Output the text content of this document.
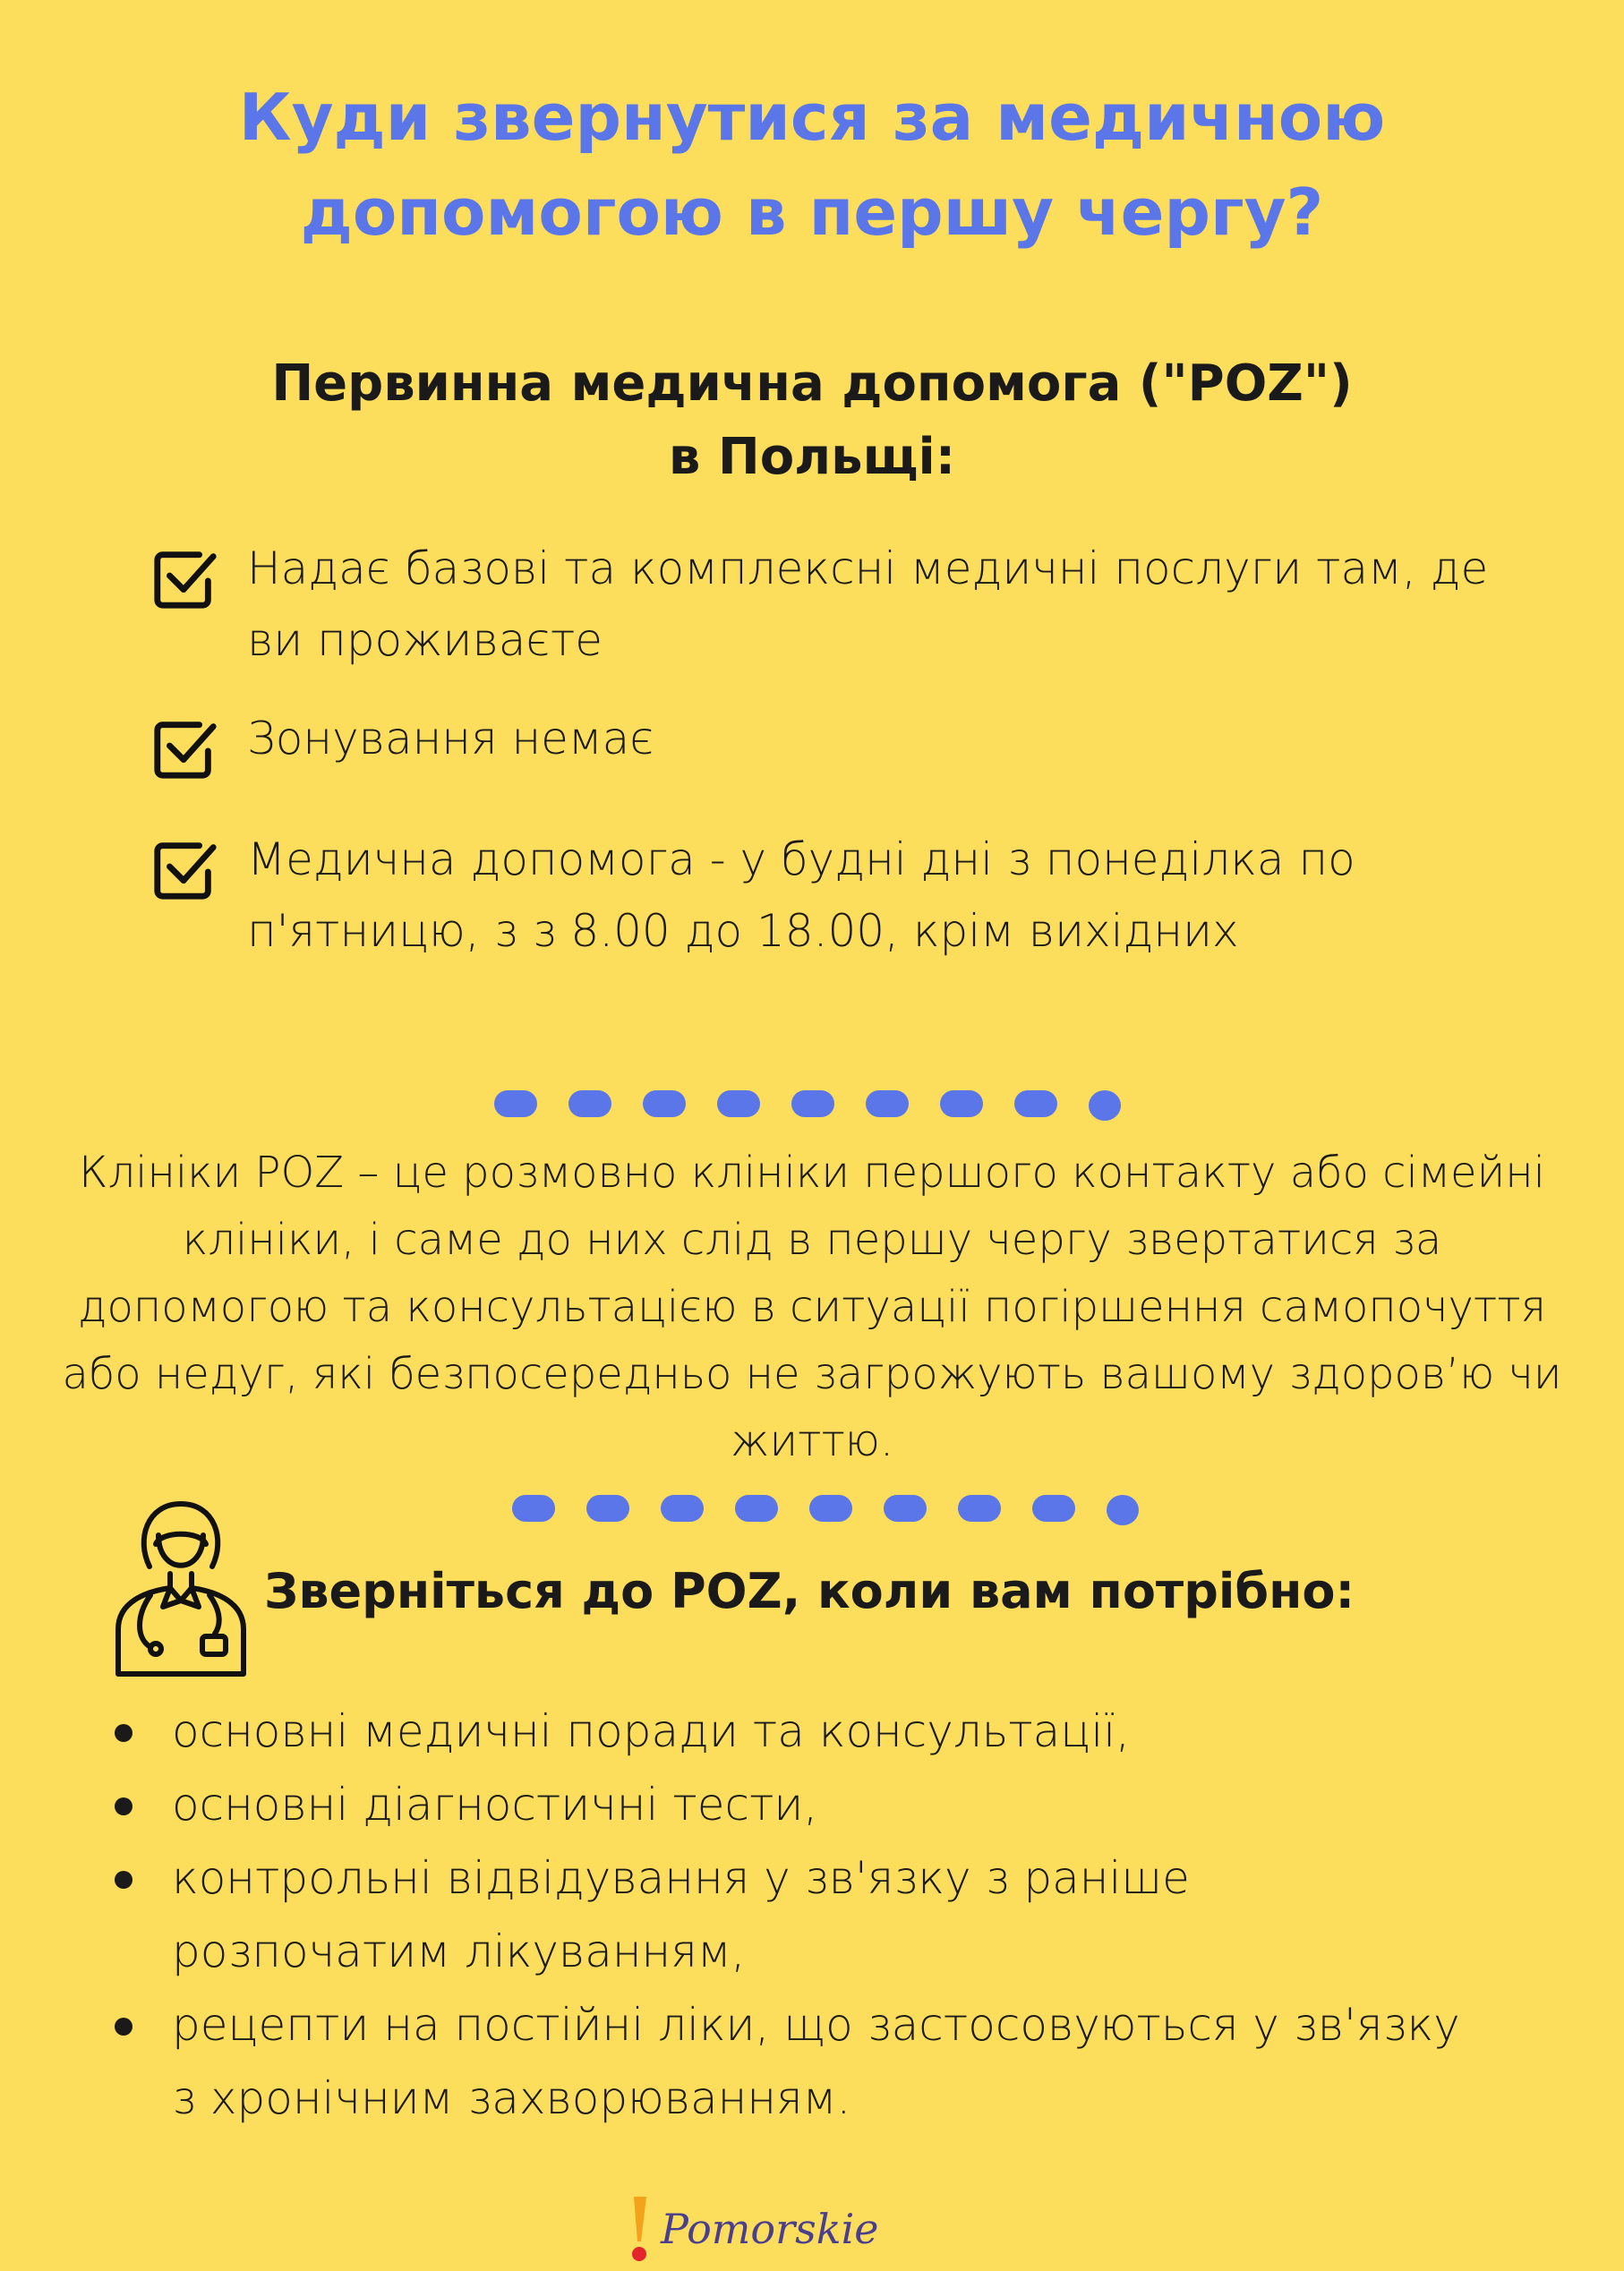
Куди звернутися за медичною
допомогою в першу чергу?
Первинна медична допомога ("POZ")
в Польщі:
Надає базові та комплексні медичні послуги там, де
ви проживаєте
Зонування немає
Медична допомога - у будні дні з понеділка по
п'ятницю, з з 8.00 до 18.00, крім вихідних

Клініки POZ – це розмовно клініки першого контакту або сімейні
клініки, і саме до них слід в першу чергу звертатися за
допомогою та консультацією в ситуації погіршення самопочуття
або недуг, які безпосередньо не загрожують вашому здоров’ю чи
життю.

Зверніться до POZ, коли вам потрібно:
основні медичні поради та консультації,
основні діагностичні тести,
контрольні відвідування у зв'язку з раніше
розпочатим лікуванням,
рецепти на постійні ліки, що застосовуються у зв'язку
з хронічним захворюванням.
Pomorskie
